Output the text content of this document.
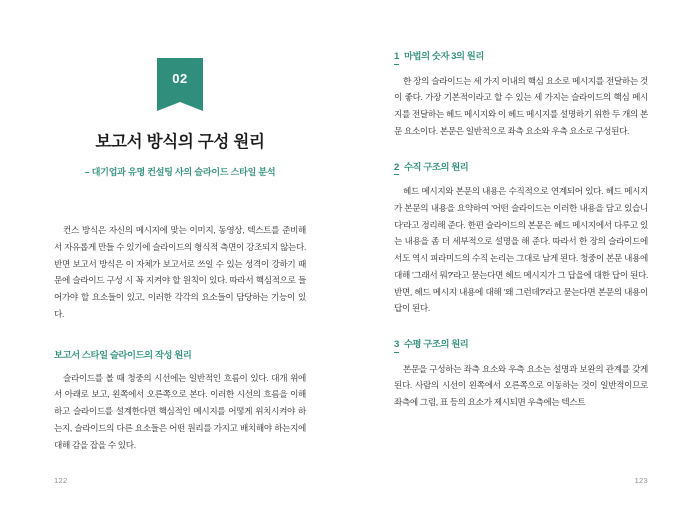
02
보고서 방식의 구성 원리
– 대기업과 유명 컨설팅 사의 슬라이드 스타일 분석

컨스 방식은 자신의 메시지에 맞는 이미지, 동영상, 텍스트를 준비해서 자유롭게 만들 수 있기에 슬라이드의 형식적 측면이 강조되지 않는다. 반면 보고서 방식은 이 자체가 보고서로 쓰일 수 있는 성격이 강하기 때문에 슬라이드 구성 시 꼭 지켜야 할 원칙이 있다. 따라서 핵심적으로 들어가야 할 요소들이 있고, 이러한 각각의 요소들이 담당하는 기능이 있다.

보고서 스타일 슬라이드의 작성 원리

슬라이드를 볼 때 청중의 시선에는 일반적인 흐름이 있다. 대개 위에서 아래로 보고, 왼쪽에서 오른쪽으로 본다. 이러한 시선의 흐름을 이해하고 슬라이드를 설계한다면 핵심적인 메시지를 어떻게 위치시켜야 하는지, 슬라이드의 다른 요소들은 어떤 원리를 가지고 배치해야 하는지에 대해 감을 잡을 수 있다.

122
1 마법의 숫자 3의 원리

한 장의 슬라이드는 세 가지 이내의 핵심 요소로 메시지를 전달하는 것이 좋다. 가장 기본적이라고 할 수 있는 세 가지는 슬라이드의 핵심 메시지를 전달하는 헤드 메시지와 이 헤드 메시지를 설명하기 위한 두 개의 본문 요소이다. 본문은 일반적으로 좌측 요소와 우측 요소로 구성된다.

2 수직 구조의 원리

헤드 메시지와 본문의 내용은 수직적으로 연계되어 있다. 헤드 메시지가 본문의 내용을 요약하여 '어떤 슬라이드는 이러한 내용을 담고 있습니다'라고 정리해 준다. 한편 슬라이드의 본문은 헤드 메시지에서 다루고 있는 내용을 좀 더 세부적으로 설명을 해 준다. 따라서 한 장의 슬라이드에서도 역시 피라미드의 수직 논리는 그대로 남게 된다. 청중이 본문 내용에 대해 '그래서 뭐?'라고 묻는다면 헤드 메시지가 그 답을에 대한 답이 된다. 반면, 헤드 메시지 내용에 대해 '왜 그런데?'라고 묻는다면 본문의 내용이 답이 된다.

3 수평 구조의 원리

본문을 구성하는 좌측 요소와 우측 요소는 설명과 보완의 관계를 갖게 된다. 사람의 시선이 왼쪽에서 오른쪽으로 이동하는 것이 일반적이므로 좌측에 그림, 표 등의 요소가 제시되면 우측에는 텍스트

123
